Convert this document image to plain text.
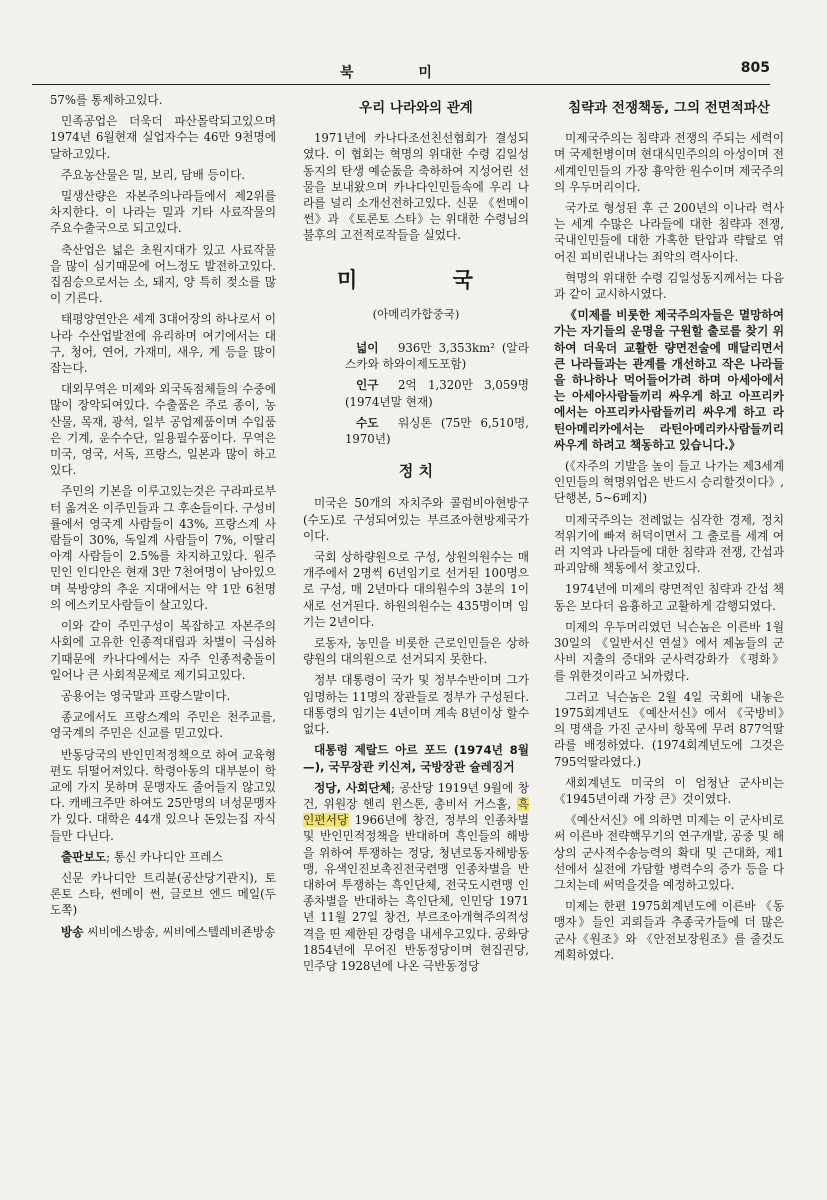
북 미	805

57%를 통제하고있다.

민족공업은 더욱더 파산몰락되고있으며 1974년 6월현재 실업자수는 46만 9천명에 달하고있다.

주요농산물은 밀, 보리, 담배 등이다.

밀생산량은 자본주의나라들에서 제2위를 차지한다. 이 나라는 밀과 기타 사료작물의 주요수출국으로 되고있다.

축산업은 넓은 초원지대가 있고 사료작물을 많이 심기때문에 어느정도 발전하고있다. 집짐승으로서는 소, 돼지, 양 특히 젖소를 많이 기른다.

태평양연안은 세계 3대어장의 하나로서 이 나라 수산업발전에 유리하며 여기에서는 대구, 청어, 연어, 가재미, 새우, 게 등을 많이 잡는다.

대외무역은 미제와 외국독점체들의 수중에 많이 장악되여있다. 수출품은 주로 종이, 농산물, 목재, 광석, 일부 공업제품이며 수입품은 기계, 운수수단, 일용필수품이다. 무역은 미국, 영국, 서독, 프랑스, 일본과 많이 하고있다.

주민의 기본을 이루고있는것은 구라파로부터 옮겨온 이주민들과 그 후손들이다. 구성비률에서 영국계 사람들이 43%, 프랑스계 사람들이 30%, 독일계 사람들이 7%, 이딸리아계 사람들이 2.5%를 차지하고있다. 원주민인 인디안은 현재 3만 7천여명이 남아있으며 북방양의 추운 지대에서는 약 1만 6천명의 에스키모사람들이 살고있다.

이와 같이 주민구성이 복잡하고 자본주의사회에 고유한 인종적대립과 차별이 극심하기때문에 카나다에서는 자주 인종적충돌이 일어나 큰 사회적문제로 제기되고있다.

공용어는 영국말과 프랑스말이다.

종교에서도 프랑스계의 주민은 천주교를, 영국계의 주민은 신교를 믿고있다.

반동당국의 반인민적정책으로 하여 교육형편도 뒤떨어져있다. 학령아동의 대부분이 학교에 가지 못하며 문맹자도 줄어들지 않고있다. 캐베크주만 하여도 25만명의 녀성문맹자가 있다. 대학은 44개 있으나 돈있는집 자식들만 다닌다.

출판보도; 통신 카나디안 프레스

신문 카나디안 트리뷴(공산당기관지), 토론토 스타, 썬메이 썬, 글로브 엔드 메일(두도쪽)

방송 씨비에스방송, 씨비에스텔레비죤방송

우리 나라와의 관계

1971년에 카나다조선친선협회가 결성되였다. 이 협회는 혁명의 위대한 수령 김일성동지의 탄생 예순돐을 축하하여 지성어린 선물을 보내왔으며 카나다인민들속에 우리 나라를 널리 소개선전하고있다. 신문 《썬메이 썬》과 《토론토 스타》는 위대한 수령님의 불후의 고전적로작들을 실었다.

미 국
(아메리카합중국)

넓이 936만 3,353km² (알라스카와 하와이제도포함)

인구 2억 1,320만 3,059명 (1974년말 현재)

수도 워싱톤 (75만 6,510명, 1970년)

정 치

미국은 50개의 자치주와 콜럼비아현방구(수도)로 구성되여있는 부르죠아현방제국가이다.

국회 상하량원으로 구성, 상원의원수는 매개주에서 2명씩 6년임기로 선거된 100명으로 구성, 매 2년마다 대의원수의 3분의 1이 새로 선거된다. 하원의원수는 435명이며 임기는 2년이다.

로동자, 농민을 비롯한 근로인민들은 상하량원의 대의원으로 선거되지 못한다.

정부 대통령이 국가 및 정부수반이며 그가 임명하는 11명의 장관들로 정부가 구성된다. 대통령의 임기는 4년이며 계속 8년이상 할수 없다.

대통령 제랄드 아르 포드 (1974년 8월—), 국무장관 키신져, 국방장관 슐레징거

정당, 사회단체; 공산당 1919년 9월에 창건, 위원장 헨리 윈스톤, 총비서 거스홀, 흑인편서당 1966년에 창건, 정부의 인종차별 및 반인민적정책을 반대하며 흑인들의 해방을 위하여 투쟁하는 정당, 청년로동자해방동맹, 유색인진보촉진전국련맹 인종차별을 반대하여 투쟁하는 흑인단체, 전국도시련맹 인종차별을 반대하는 흑인단체, 인민당 1971년 11월 27일 창건, 부르조아개혁주의적성격을 띤 제한된 강령을 내세우고있다. 공화당 1854년에 무어진 반동정당이며 현집권당, 민주당 1928년에 나온 극반동정당

침략과 전쟁책동, 그의 전면적파산

미제국주의는 침략과 전쟁의 주되는 세력이며 국제헌병이며 현대식민주의의 아성이며 전세계인민들의 가장 흉악한 원수이며 제국주의의 우두머리이다.

국가로 형성된 후 근 200년의 이나라 력사는 세계 수많은 나라들에 대한 침략과 전쟁, 국내인민들에 대한 가혹한 탄압과 략탈로 엮어진 피비린내나는 죄악의 력사이다.

혁명의 위대한 수령 김일성동지께서는 다음과 같이 교시하시였다.

《미제를 비롯한 제국주의자들은 멸망하여가는 자기들의 운명을 구원할 출로를 찾기 위하여 더욱더 교활한 량면전술에 매달리면서 큰 나라들과는 관계를 개선하고 작은 나라들을 하나하나 먹어들어가려 하며 아세아에서는 아세아사람들끼리 싸우게 하고 아프리카에서는 아프리카사람들끼리 싸우게 하고 라틴아메리카에서는 라틴아메리카사람들끼리 싸우게 하려고 책동하고 있습니다.》

(《자주의 기발을 높이 들고 나가는 제3세계인민들의 혁명위업은 반드시 승리할것이다》, 단행본, 5~6페지)

미제국주의는 전례없는 심각한 경제, 정치적위기에 빠져 허덕이면서 그 출로를 세계 여러 지역과 나라들에 대한 침략과 전쟁, 간섭과 파괴암해 책동에서 찾고있다.

1974년에 미제의 량면적인 침략과 간섭 책동은 보다더 음흉하고 교활하게 감행되였다.

미제의 우두머리였던 닉슨놈은 이른바 1월 30일의 《일반서신 연설》에서 제놈들의 군사비 지출의 증대와 군사력강화가 《평화》를 위한것이라고 뇌까렸다.

그러고 닉슨놈은 2월 4일 국회에 내놓은 1975회계년도 《예산서신》에서 《국방비》의 명색을 가진 군사비 항목에 무려 877억딸라를 배정하였다. (1974회계년도에 그것은 795억딸라였다.)

새회계년도 미국의 이 엄청난 군사비는 《1945년이래 가장 큰》것이였다.

《예산서신》에 의하면 미제는 이 군사비로써 이른바 전략핵무기의 연구개발, 공중 및 해상의 군사적수송능력의 확대 및 근대화, 제1선에서 실전에 가담할 병력수의 증가 등을 다그치는데 써먹을것을 예정하고있다.

미제는 한편 1975회계년도에 이른바 《동맹자》들인 괴뢰들과 추종국가들에 더 많은 군사《원조》와 《안전보장원조》를 줄것도 계획하였다.
